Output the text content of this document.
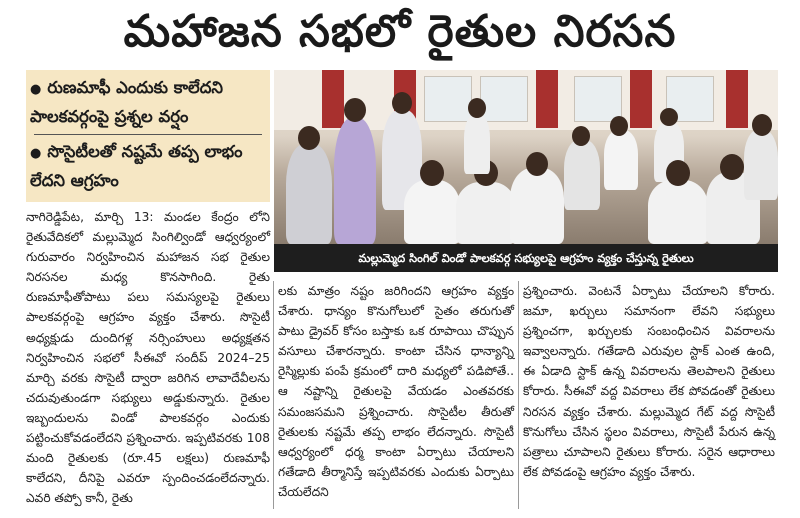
మహాజన సభలో రైతుల నిరసన
● రుణమాఫీ ఎందుకు కాలేదని పాలకవర్గంపై ప్రశ్నల వర్షం
● సొసైటీలతో నష్టమే తప్ప లాభం లేదని ఆగ్రహం
మల్లుమ్మెద సింగిల్ విండో పాలకవర్గ సభ్యులపై ఆగ్రహం వ్యక్తం చేస్తున్న రైతులు

నాగిరెడ్డిపేట, మార్చి 13: మండల కేంద్రం లోని రైతువేదికలో మల్లుమ్మెద సింగిల్విండో ఆధ్వర్యంలో గురువారం నిర్వహించిన మహాజన సభ రైతుల నిరసనల మధ్య కొనసాగింది. రైతు రుణమాఫీతోపాటు పలు సమస్యలపై రైతులు పాలకవర్గంపై ఆగ్రహం వ్యక్తం చేశారు. సొసైటీ అధ్యక్షుడు దుందిగళ్ల నర్సింహులు అధ్యక్షతన నిర్వహించిన సభలో సీఈవో సందీప్ 2024–25 మార్చి వరకు సొసైటీ ద్వారా జరిగిన లావాదేవీలను చదువుతుండగా సభ్యులు అడ్డుకున్నారు. రైతుల ఇబ్బందులను విండో పాలకవర్గం ఎందుకు పట్టించుకోవడంలేదని ప్రశ్నించారు. ఇప్పటివరకు 108 మంది రైతులకు (రూ.45 లక్షలు) రుణమాఫీ కాలేదని, దీనిపై ఎవరూ స్పందించడంలేదన్నారు. ఎవరి తప్పో కానీ, రైతు

లకు మాత్రం నష్టం జరిగిందని ఆగ్రహం వ్యక్తం చేశారు. ధాన్యం కొనుగోలులో సైతం తరుగుతో పాటు డ్రైవర్ కోసం బస్తాకు ఒక రూపాయి చొప్పున వసూలు చేశారన్నారు. కాంటా చేసిన ధాన్యాన్ని రైస్మిల్లుకు పంపే క్రమంలో దారి మధ్యలో పడిపోతే.. ఆ నష్టాన్ని రైతులపై వేయడం ఎంతవరకు సమంజసమని ప్రశ్నించారు. సొసైటీల తీరుతో రైతులకు నష్టమే తప్ప లాభం లేదన్నారు. సొసైటీ ఆధ్వర్యంలో ధర్మ కాంటా ఏర్పాటు చేయాలని గతేడాది తీర్మానిస్తే ఇప్పటివరకు ఎందుకు ఏర్పాటు చేయలేదని

ప్రశ్నించారు. వెంటనే ఏర్పాటు చేయాలని కోరారు. జమా, ఖర్చులు సమానంగా లేవని సభ్యులు ప్రశ్నించగా, ఖర్చులకు సంబంధించిన వివరాలను ఇవ్వాలన్నారు. గతేడాది ఎరువుల స్టాక్ ఎంత ఉంది, ఈ ఏడాది స్టాక్ ఉన్న వివరాలను తెలపాలని రైతులు కోరారు. సీఈవో వద్ద వివరాలు లేక పోవడంతో రైతులు నిరసన వ్యక్తం చేశారు. మల్లుమ్మెద గేట్ వద్ద సొసైటీ కొనుగోలు చేసిన స్థలం వివరాలు, సొసైటీ పేరున ఉన్న పత్రాలు చూపాలని రైతులు కోరారు. సరైన ఆధారాలు లేక పోవడంపై ఆగ్రహం వ్యక్తం చేశారు.
